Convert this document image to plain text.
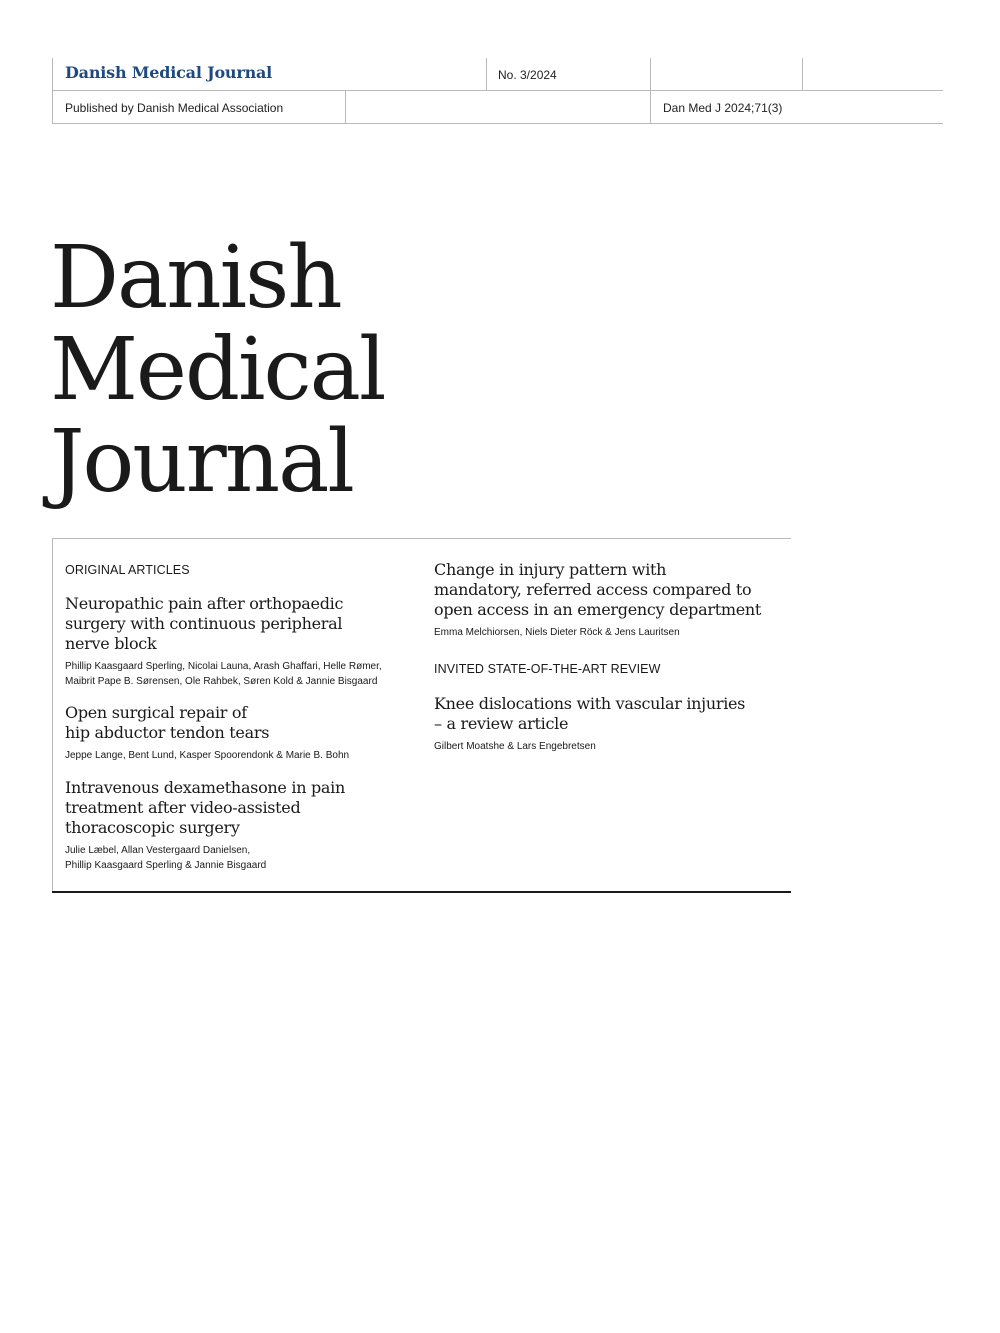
Danish Medical Journal	No. 3/2024
Published by Danish Medical Association	Dan Med J 2024;71(3)
Danish
Medical
Journal

ORIGINAL ARTICLES

Neuropathic pain after orthopaedic
surgery with continuous peripheral
nerve block

Phillip Kaasgaard Sperling, Nicolai Launa, Arash Ghaffari, Helle Rømer,
Maibrit Pape B. Sørensen, Ole Rahbek, Søren Kold & Jannie Bisgaard

Open surgical repair of
hip abductor tendon tears

Jeppe Lange, Bent Lund, Kasper Spoorendonk & Marie B. Bohn

Intravenous dexamethasone in pain
treatment after video-assisted
thoracoscopic surgery

Julie Læbel, Allan Vestergaard Danielsen,
Phillip Kaasgaard Sperling & Jannie Bisgaard

Change in injury pattern with
mandatory, referred access compared to
open access in an emergency department

Emma Melchiorsen, Niels Dieter Röck & Jens Lauritsen

INVITED STATE-OF-THE-ART REVIEW

Knee dislocations with vascular injuries
– a review article

Gilbert Moatshe & Lars Engebretsen
